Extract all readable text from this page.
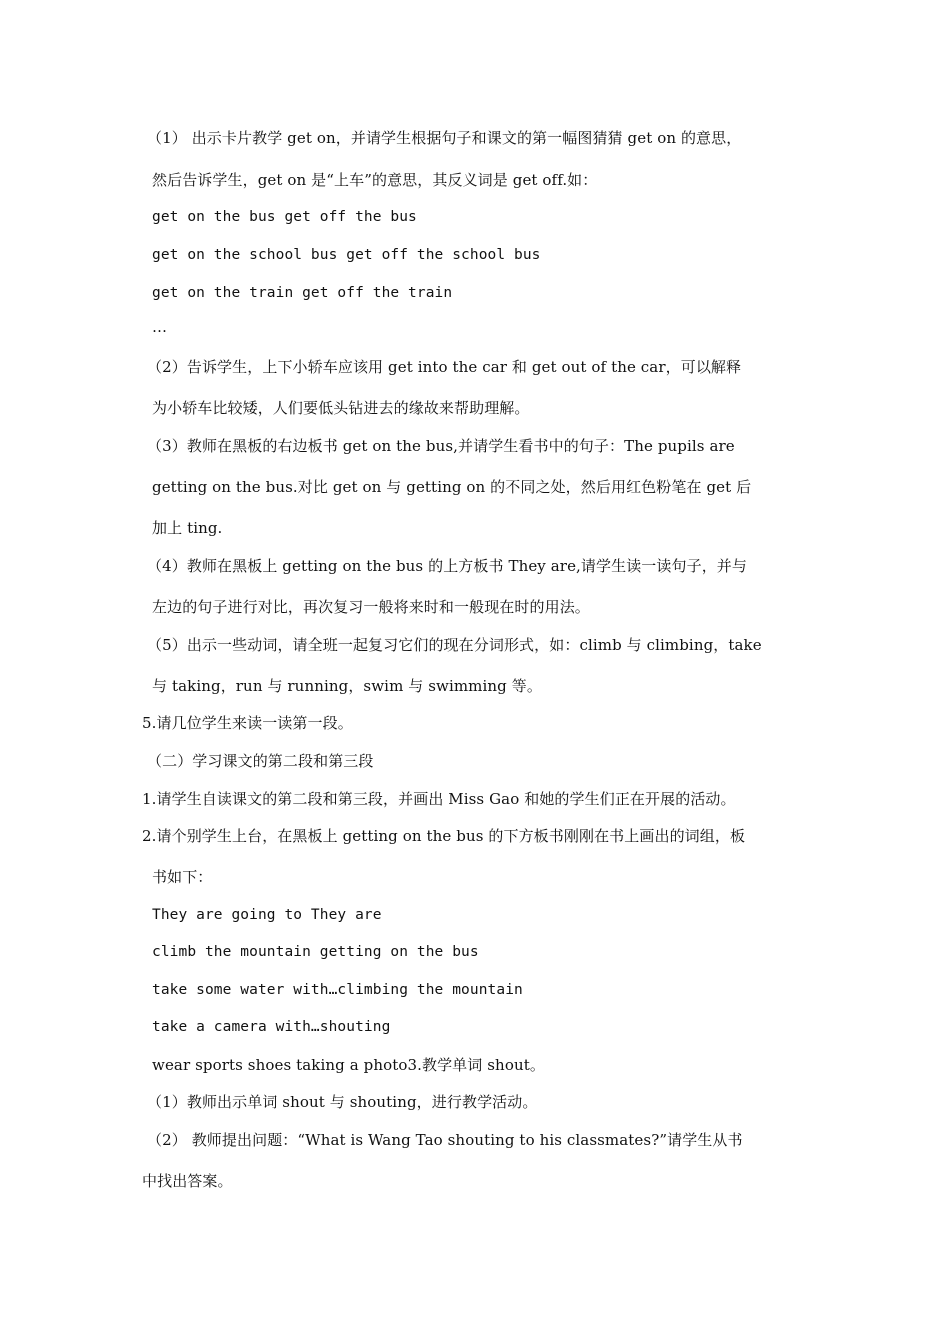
（1） 出示卡片教学 get on，并请学生根据句子和课文的第一幅图猜猜 get on 的意思，
然后告诉学生，get on 是“上车”的意思，其反义词是 get off.如：
get on the bus get off the bus
get on the school bus get off the school bus
get on the train get off the train
…
（2）告诉学生，上下小轿车应该用 get into the car 和 get out of the car，可以解释
为小轿车比较矮，人们要低头钻进去的缘故来帮助理解。
（3）教师在黑板的右边板书 get on the bus,并请学生看书中的句子：The pupils are
getting on the bus.对比 get on 与 getting on 的不同之处，然后用红色粉笔在 get 后
加上 ting.
（4）教师在黑板上 getting on the bus 的上方板书 They are,请学生读一读句子，并与
左边的句子进行对比，再次复习一般将来时和一般现在时的用法。
（5）出示一些动词，请全班一起复习它们的现在分词形式，如：climb 与 climbing，take
与 taking，run 与 running，swim 与 swimming 等。
5.请几位学生来读一读第一段。
（二）学习课文的第二段和第三段
1.请学生自读课文的第二段和第三段，并画出 Miss Gao 和她的学生们正在开展的活动。
2.请个别学生上台，在黑板上 getting on the bus 的下方板书刚刚在书上画出的词组，板
书如下：
They are going to They are
climb the mountain getting on the bus
take some water with…climbing the mountain
take a camera with…shouting
wear sports shoes taking a photo3.教学单词 shout。
（1）教师出示单词 shout 与 shouting，进行教学活动。
（2） 教师提出问题：“What is Wang Tao shouting to his classmates?”请学生从书
中找出答案。
